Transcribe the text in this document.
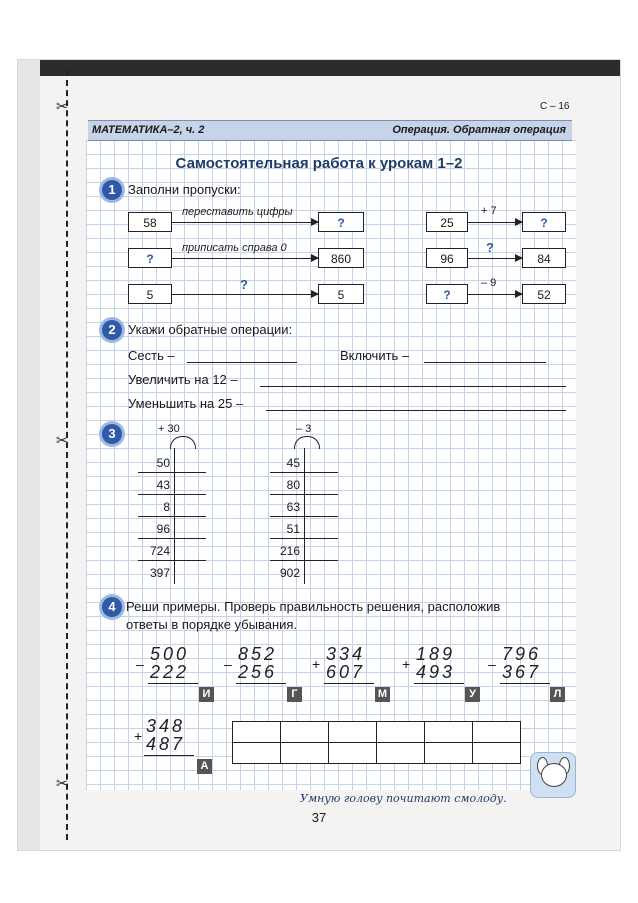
✂
✂
✂
С – 16
МАТЕМАТИКА–2, ч. 2	Операция. Обратная операция
Самостоятельная работа к урокам 1–2
1 Заполни пропуски:
58
переставить цифры
?
?
приписать справа 0
860
5
?
5
25
+ 7
?
96
?
84
?
– 9
52
2 Укажи обратные операции:
Сесть –	Включить –
Увеличить на 12 –
Уменьшить на 25 –
3	+ 30
50
43
8
96
724
397
– 3
45
80
63
51
216
902
4 Реши примеры. Проверь правильность решения, расположив
ответы в порядке убывания.
– 500
222
И
– 852
256
Г
+ 334
607
М
+ 189
493
У
– 796
367
Л
+ 348
487
А

Умную голову почитают смолоду.
37
